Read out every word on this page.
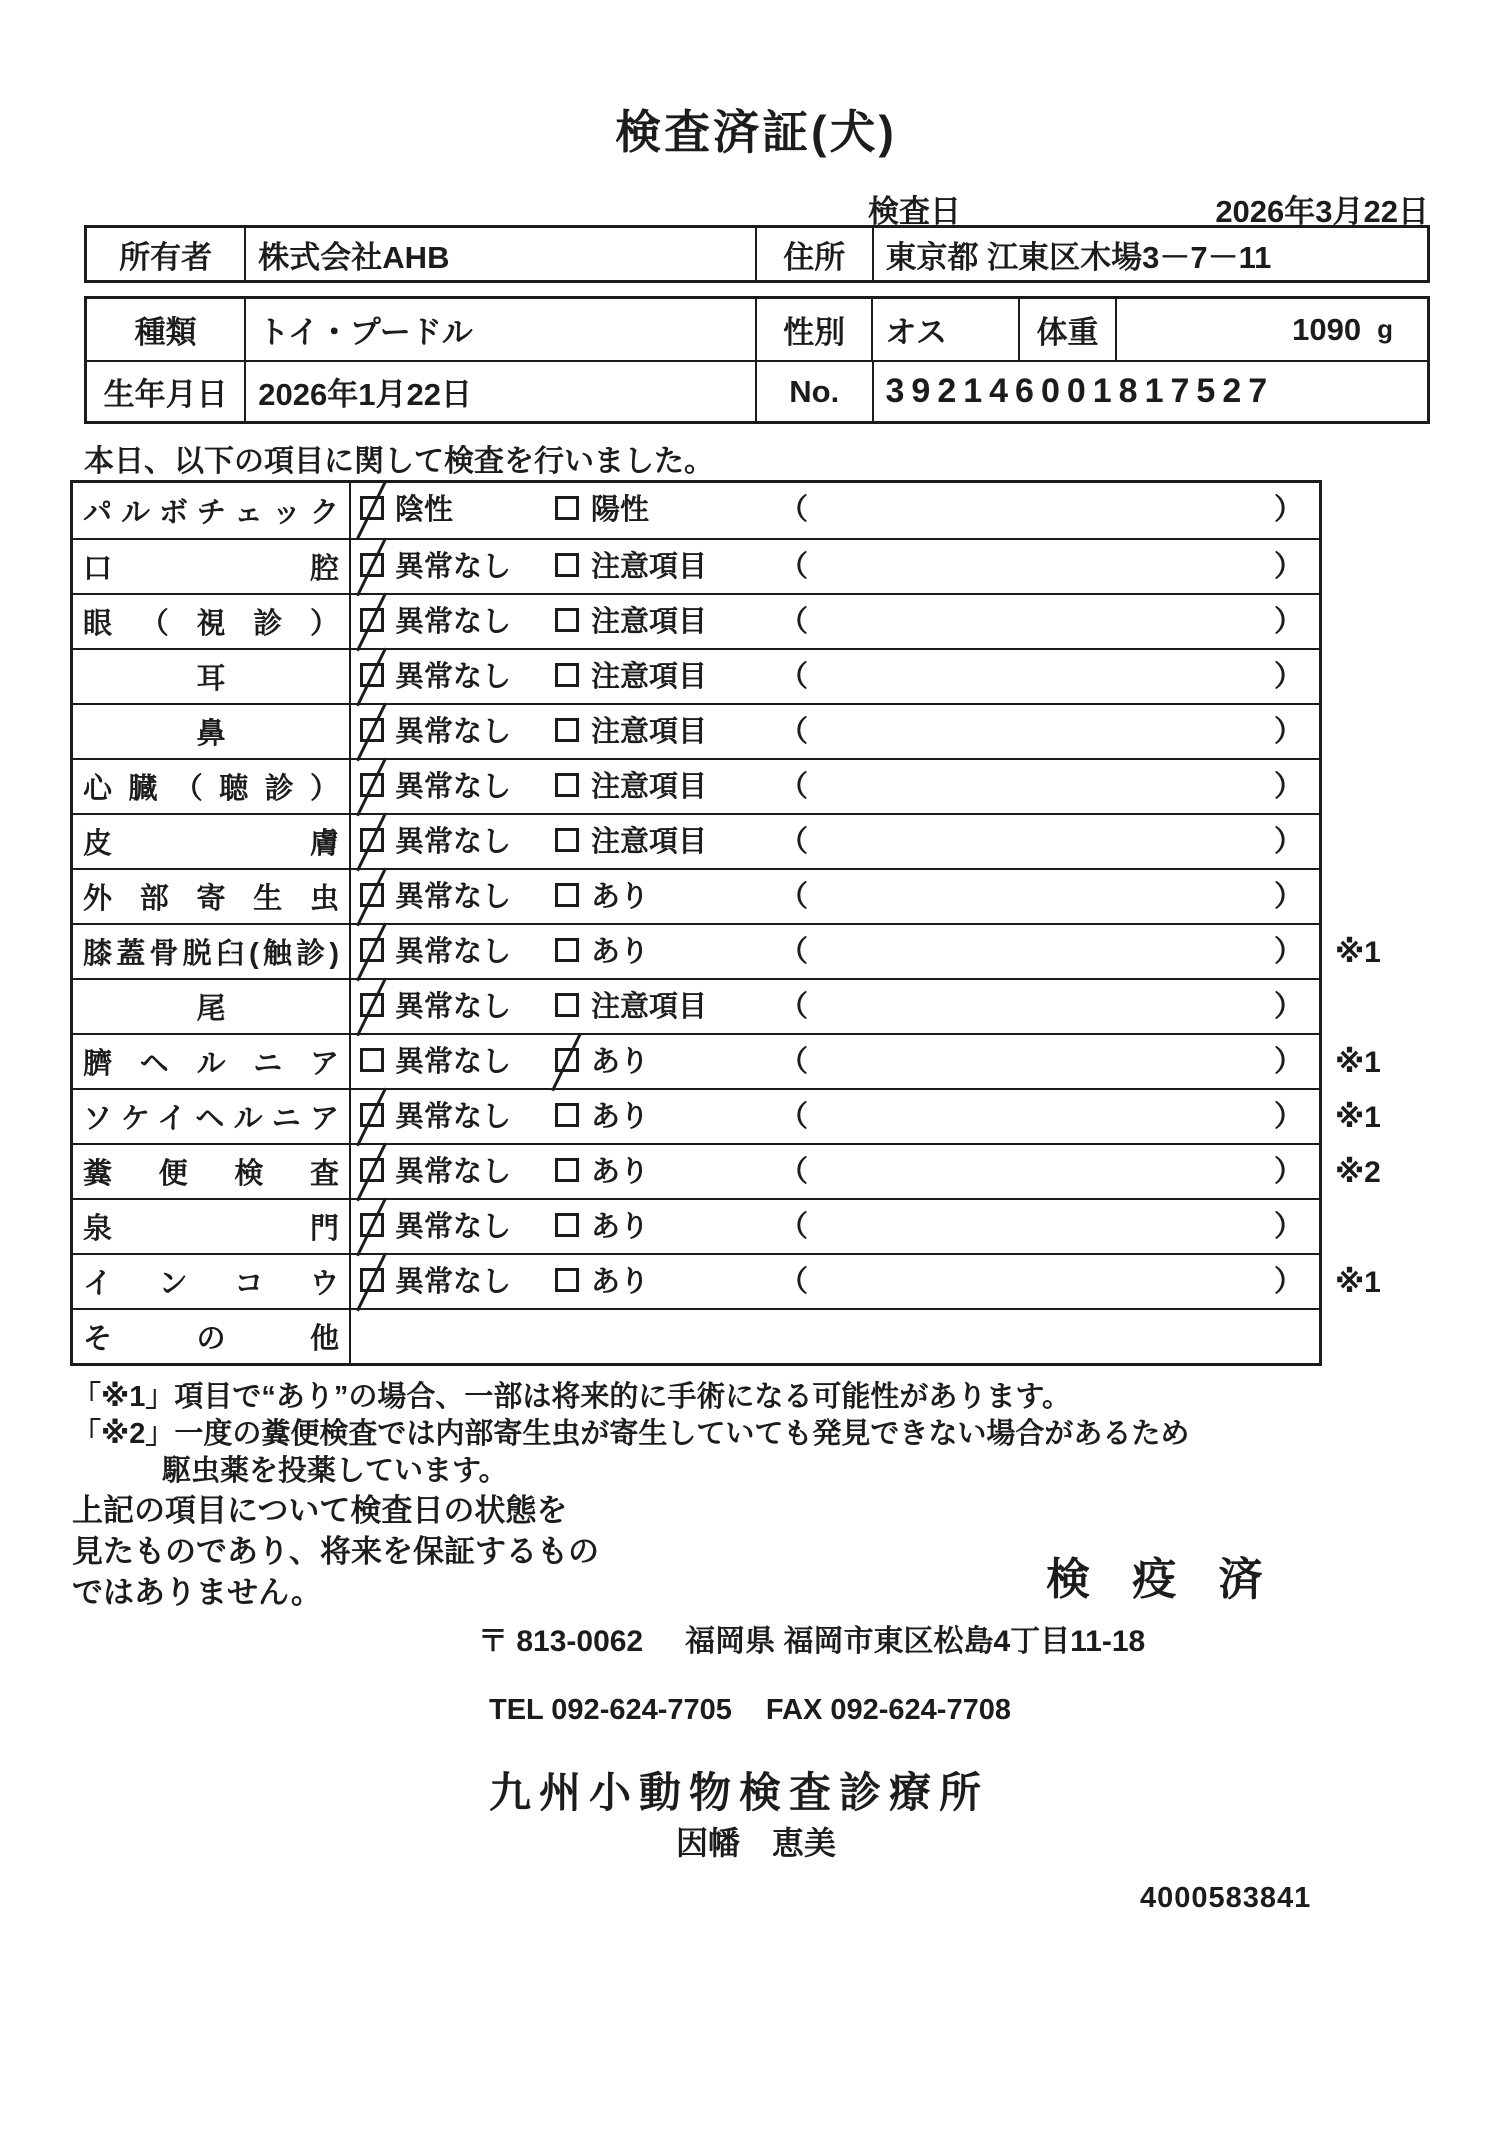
検査済証(犬)
検査日	2026年3月22日
所有者	株式会社AHB	住所	東京都 江東区木場3－7－11
種類	トイ・プードル	性別	オス	体重	1090 g
生年月日 2026年1月22日	No.	392146001817527
本日、以下の項目に関して検査を行いました。
パルボチェック	陰性	陽性	（	）
口腔	異常なし	注意項目 （	）
眼（視診）	異常なし	注意項目 （	）
耳	異常なし	注意項目 （	）
鼻	異常なし	注意項目 （	）
心臓（聴診）	異常なし	注意項目 （	）
皮膚	異常なし	注意項目 （	）
外部寄生虫	異常なし	あり	（	）
膝蓋骨脱臼(触診)	異常なし	あり	（	） ※1
尾	異常なし	注意項目 （	）
臍ヘルニア	異常なし	あり	（	） ※1
ソケイヘルニア	異常なし	あり	（	） ※1
糞便検査	異常なし	あり	（	） ※2
泉門	異常なし	あり	（	）
インコウ	異常なし	あり	（	） ※1
その他
「※1」項目で“あり”の場合、一部は将来的に手術になる可能性があります。
「※2」一度の糞便検査では内部寄生虫が寄生していても発見できない場合があるため
駆虫薬を投薬しています。
上記の項目について検査日の状態を
見たものであり、将来を保証するもの
ではありません。	検 疫 済
〒 813-0062 福岡県 福岡市東区松島4丁目11-18
TEL 092-624-7705 FAX 092-624-7708
九州小動物検査診療所
因幡　恵美
4000583841
